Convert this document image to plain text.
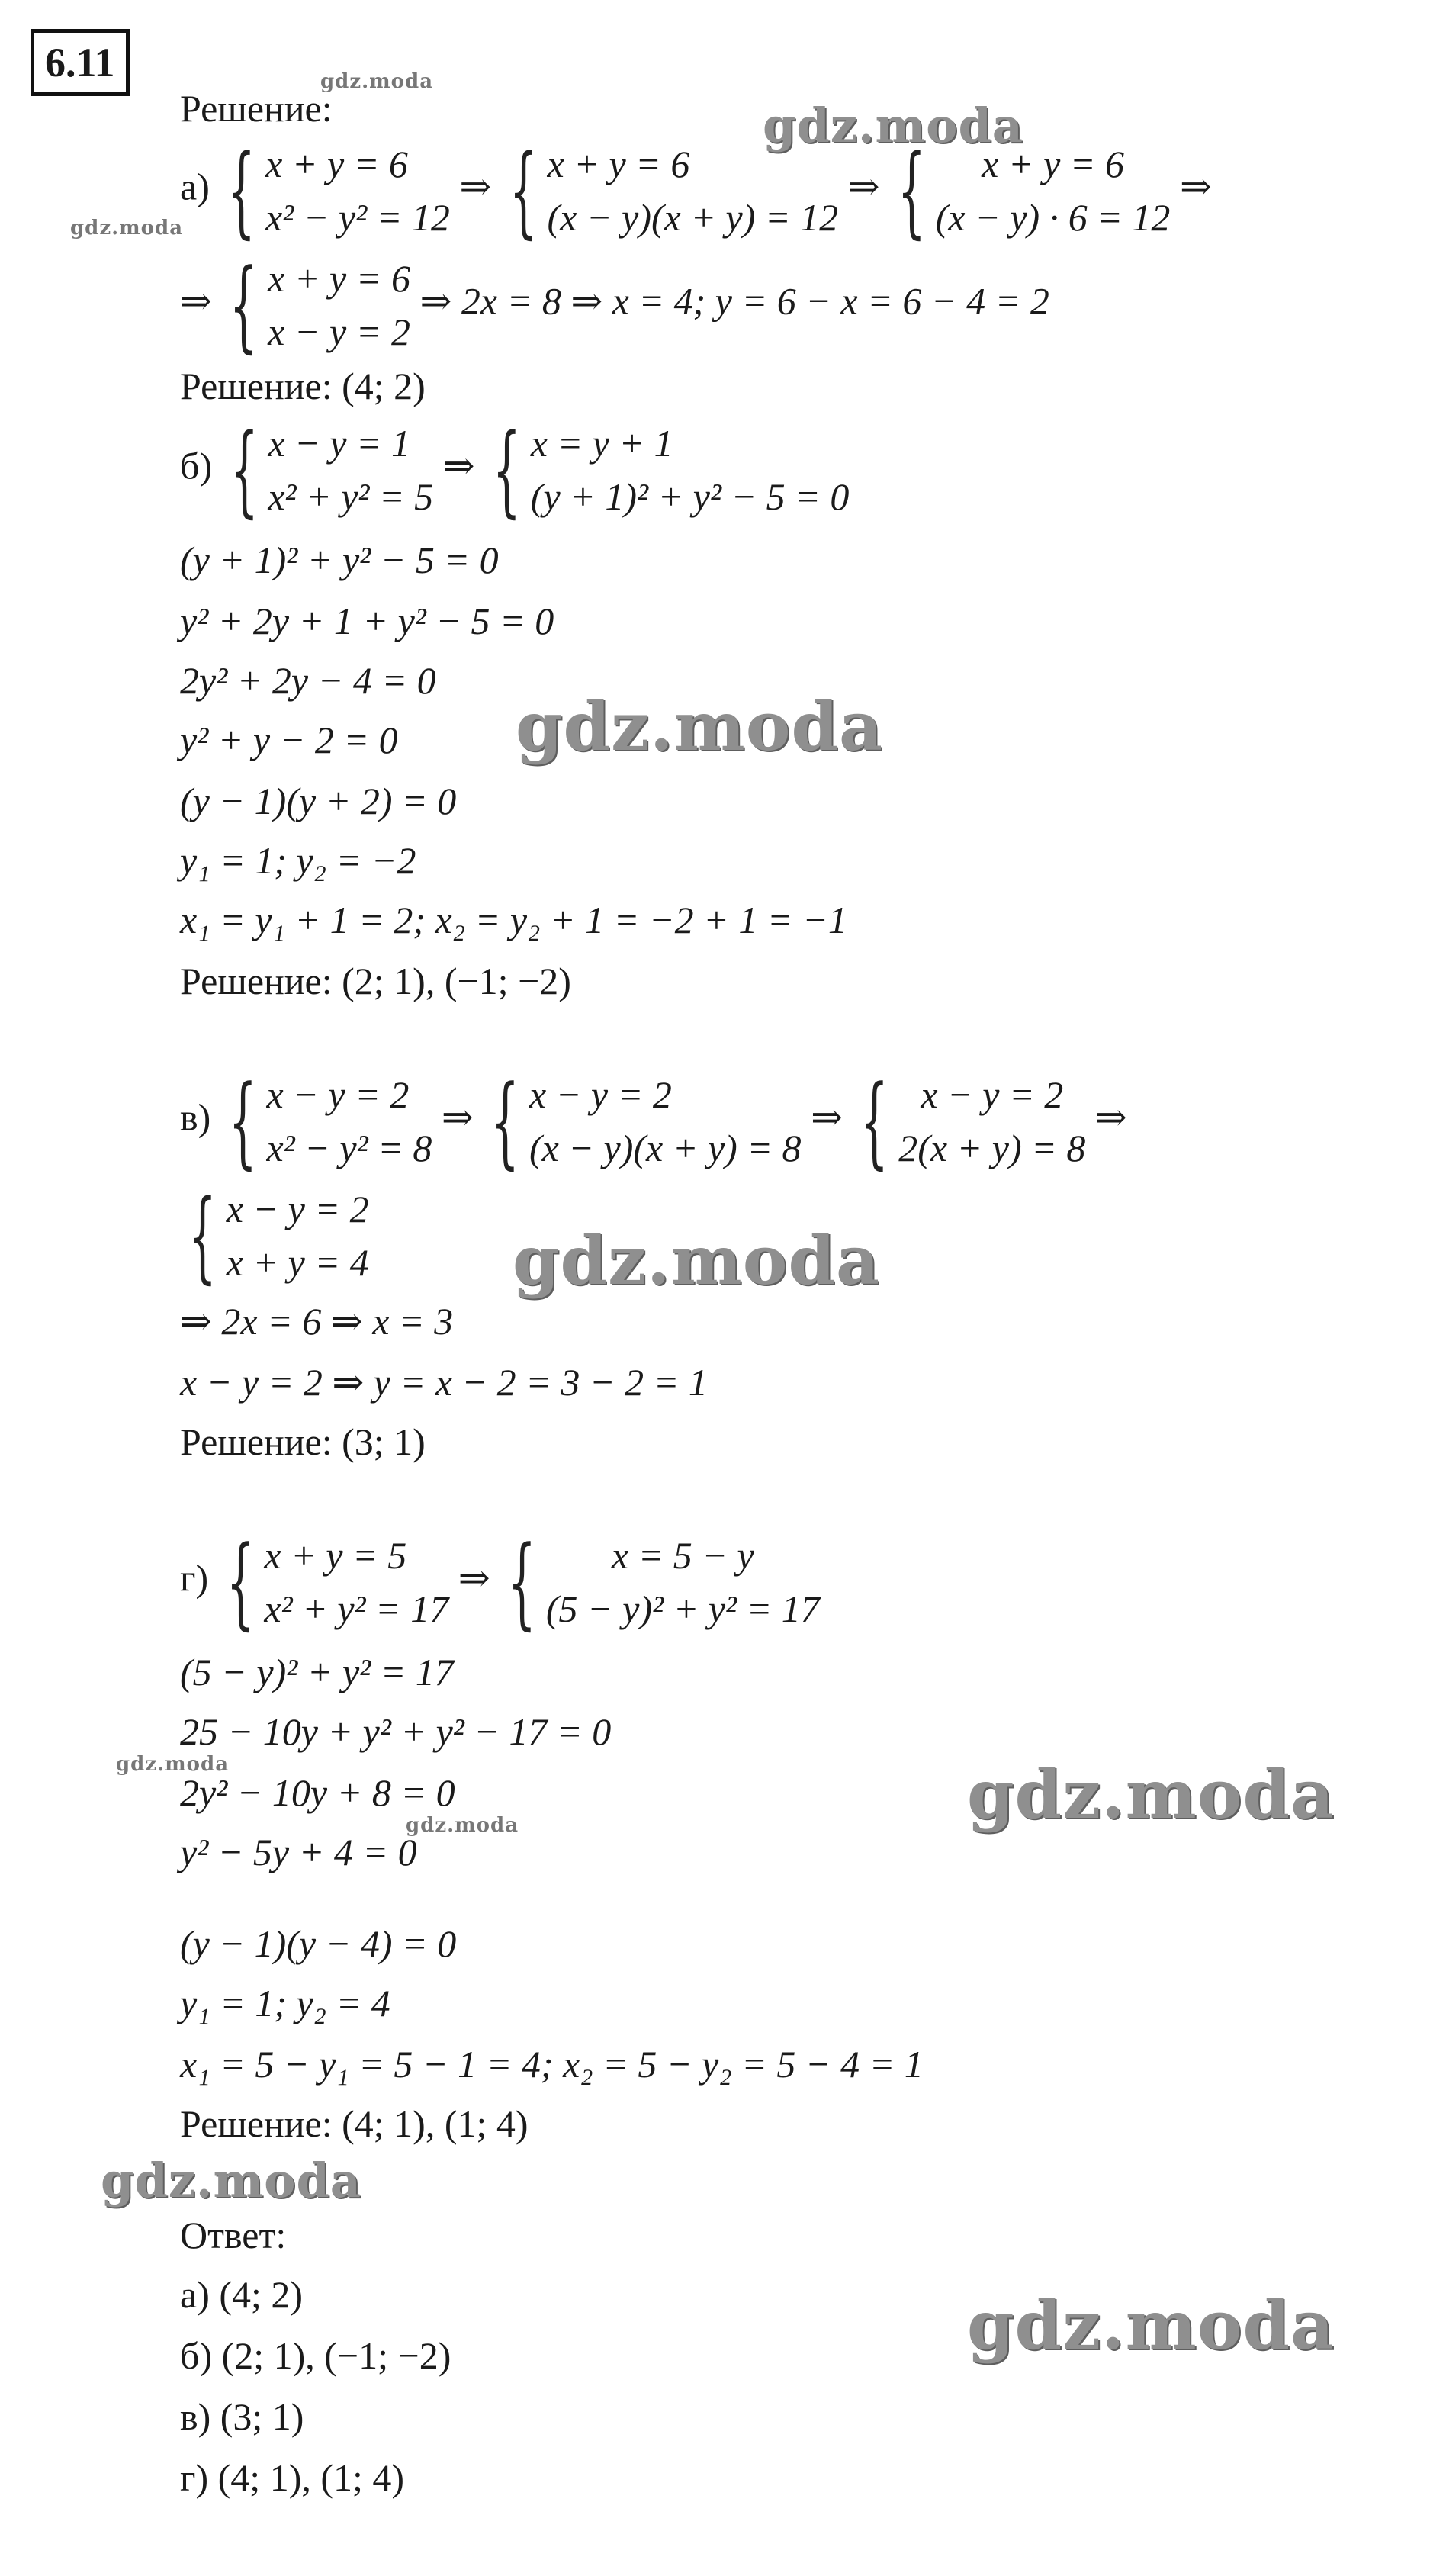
6.11	gdz.moda
gdz.moda
gdz.moda
gdz.moda
gdz.moda
gdz.moda	gdz.moda
gdz.moda
gdz.moda
gdz.moda
Решение:
а) { x + y = 6
x² − y² = 12
⇒ { x + y = 6
(x − y)(x + y) = 12
⇒ {	x + y = 6
(x − y) · 6 = 12
⇒
⇒ { x + y = 6
x − y = 2
⇒ 2x = 8 ⇒ x = 4; y = 6 − x = 6 − 4 = 2
Решение: (4; 2)
б) { x − y = 1
x² + y² = 5
⇒ { x = y + 1
(y + 1)² + y² − 5 = 0
(y + 1)² + y² − 5 = 0
y² + 2y + 1 + y² − 5 = 0
2y² + 2y − 4 = 0
y² + y − 2 = 0
(y − 1)(y + 2) = 0
y₁ = 1; y₂ = −2
x₁ = y₁ + 1 = 2; x₂ = y₂ + 1 = −2 + 1 = −1
Решение: (2; 1), (−1; −2)
в) { x − y = 2
x² − y² = 8
⇒ { x − y = 2
(x − y)(x + y) = 8
⇒ { x − y = 2
2(x + y) = 8
⇒
{ x − y = 2
x + y = 4
⇒ 2x = 6 ⇒ x = 3
x − y = 2 ⇒ y = x − 2 = 3 − 2 = 1
Решение: (3; 1)
г) { x + y = 5
x² + y² = 17
⇒ {	x = 5 − y
(5 − y)² + y² = 17
(5 − y)² + y² = 17
25 − 10y + y² + y² − 17 = 0
2y² − 10y + 8 = 0
y² − 5y + 4 = 0
(y − 1)(y − 4) = 0
y₁ = 1; y₂ = 4
x₁ = 5 − y₁ = 5 − 1 = 4; x₂ = 5 − y₂ = 5 − 4 = 1
Решение: (4; 1), (1; 4)
Ответ:
а) (4; 2)
б) (2; 1), (−1; −2)
в) (3; 1)
г) (4; 1), (1; 4)
